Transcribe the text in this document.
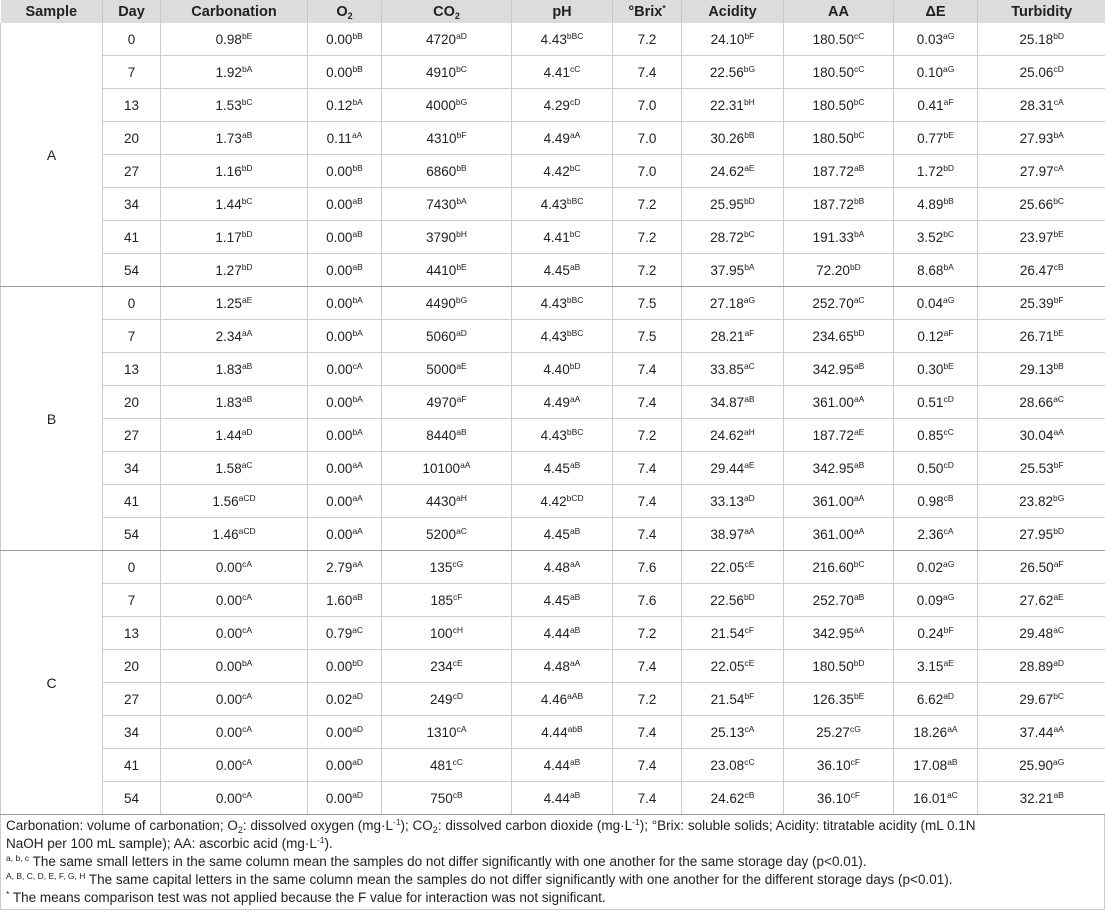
Sample	Day	Carbonation	$O_2$	$CO_2$	pH	°Brix*	Acidity	AA	ΔE	Turbidity
A	0	$0.98^{bE}$	$0.00^{bB}$	$4720^{aD}$	$4.43^{bBC}$	7.2	$24.10^{bF}$	$180.50^{cC}$	$0.03^{aG}$	$25.18^{bD}$
	7	$1.92^{bA}$	$0.00^{bB}$	$4910^{bC}$	$4.41^{cC}$	7.4	$22.56^{bG}$	$180.50^{cC}$	$0.10^{aG}$	$25.06^{cD}$
	13	$1.53^{bC}$	$0.12^{bA}$	$4000^{bG}$	$4.29^{cD}$	7.0	$22.31^{bH}$	$180.50^{bC}$	$0.41^{aF}$	$28.31^{cA}$
	20	$1.73^{aB}$	$0.11^{aA}$	$4310^{bF}$	$4.49^{aA}$	7.0	$30.26^{bB}$	$180.50^{bC}$	$0.77^{bE}$	$27.93^{bA}$
	27	$1.16^{bD}$	$0.00^{bB}$	$6860^{bB}$	$4.42^{bC}$	7.0	$24.62^{aE}$	$187.72^{aB}$	$1.72^{bD}$	$27.97^{cA}$
	34	$1.44^{bC}$	$0.00^{aB}$	$7430^{bA}$	$4.43^{bBC}$	7.2	$25.95^{bD}$	$187.72^{bB}$	$4.89^{bB}$	$25.66^{bC}$
	41	$1.17^{bD}$	$0.00^{aB}$	$3790^{bH}$	$4.41^{bC}$	7.2	$28.72^{bC}$	$191.33^{bA}$	$3.52^{bC}$	$23.97^{bE}$
	54	$1.27^{bD}$	$0.00^{aB}$	$4410^{bE}$	$4.45^{aB}$	7.2	$37.95^{bA}$	$72.20^{bD}$	$8.68^{bA}$	$26.47^{cB}$
B	0	$1.25^{aE}$	$0.00^{bA}$	$4490^{bG}$	$4.43^{bBC}$	7.5	$27.18^{aG}$	$252.70^{aC}$	$0.04^{aG}$	$25.39^{bF}$
	7	$2.34^{aA}$	$0.00^{bA}$	$5060^{aD}$	$4.43^{bBC}$	7.5	$28.21^{aF}$	$234.65^{bD}$	$0.12^{aF}$	$26.71^{bE}$
	13	$1.83^{aB}$	$0.00^{cA}$	$5000^{aE}$	$4.40^{bD}$	7.4	$33.85^{aC}$	$342.95^{aB}$	$0.30^{bE}$	$29.13^{bB}$
	20	$1.83^{aB}$	$0.00^{bA}$	$4970^{aF}$	$4.49^{aA}$	7.4	$34.87^{aB}$	$361.00^{aA}$	$0.51^{cD}$	$28.66^{aC}$
	27	$1.44^{aD}$	$0.00^{bA}$	$8440^{aB}$	$4.43^{bBC}$	7.2	$24.62^{aH}$	$187.72^{aE}$	$0.85^{cC}$	$30.04^{aA}$
	34	$1.58^{aC}$	$0.00^{aA}$	$10100^{aA}$	$4.45^{aB}$	7.4	$29.44^{aE}$	$342.95^{aB}$	$0.50^{cD}$	$25.53^{bF}$
	41	$1.56^{aCD}$	$0.00^{aA}$	$4430^{aH}$	$4.42^{bCD}$	7.4	$33.13^{aD}$	$361.00^{aA}$	$0.98^{cB}$	$23.82^{bG}$
	54	$1.46^{aCD}$	$0.00^{aA}$	$5200^{aC}$	$4.45^{aB}$	7.4	$38.97^{aA}$	$361.00^{aA}$	$2.36^{cA}$	$27.95^{bD}$
C	0	$0.00^{cA}$	$2.79^{aA}$	$135^{cG}$	$4.48^{aA}$	7.6	$22.05^{cE}$	$216.60^{bC}$	$0.02^{aG}$	$26.50^{aF}$
	7	$0.00^{cA}$	$1.60^{aB}$	$185^{cF}$	$4.45^{aB}$	7.6	$22.56^{bD}$	$252.70^{aB}$	$0.09^{aG}$	$27.62^{aE}$
	13	$0.00^{cA}$	$0.79^{aC}$	$100^{cH}$	$4.44^{aB}$	7.2	$21.54^{cF}$	$342.95^{aA}$	$0.24^{bF}$	$29.48^{aC}$
	20	$0.00^{bA}$	$0.00^{bD}$	$234^{cE}$	$4.48^{aA}$	7.4	$22.05^{cE}$	$180.50^{bD}$	$3.15^{aE}$	$28.89^{aD}$
	27	$0.00^{cA}$	$0.02^{aD}$	$249^{cD}$	$4.46^{aAB}$	7.2	$21.54^{bF}$	$126.35^{bE}$	$6.62^{aD}$	$29.67^{bC}$
	34	$0.00^{cA}$	$0.00^{aD}$	$1310^{cA}$	$4.44^{abB}$	7.4	$25.13^{cA}$	$25.27^{cG}$	$18.26^{aA}$	$37.44^{aA}$
	41	$0.00^{cA}$	$0.00^{aD}$	$481^{cC}$	$4.44^{aB}$	7.4	$23.08^{cC}$	$36.10^{cF}$	$17.08^{aB}$	$25.90^{aG}$
	54	$0.00^{cA}$	$0.00^{aD}$	$750^{cB}$	$4.44^{aB}$	7.4	$24.62^{cB}$	$36.10^{cF}$	$16.01^{aC}$	$32.21^{aB}$
Carbonation: volume of carbonation; $O_2$: dissolved oxygen $(mg\cdot L^{-1})$; $CO_2$: dissolved carbon dioxide $(mg\cdot L^{-1})$; °Brix: soluble solids; Acidity: titratable acidity (mL 0.1N
NaOH per 100 mL sample); AA: ascorbic acid $(mg\cdot L^{-1})$.
$^{a, b, c}$ The same small letters in the same column mean the samples do not differ significantly with one another for the same storage day (p<0.01).
$^{A, B, C, D, E, F, G, H}$ The same capital letters in the same column mean the samples do not differ significantly with one another for the different storage days (p<0.01).
* The means comparison test was not applied because the F value for interaction was not significant.
